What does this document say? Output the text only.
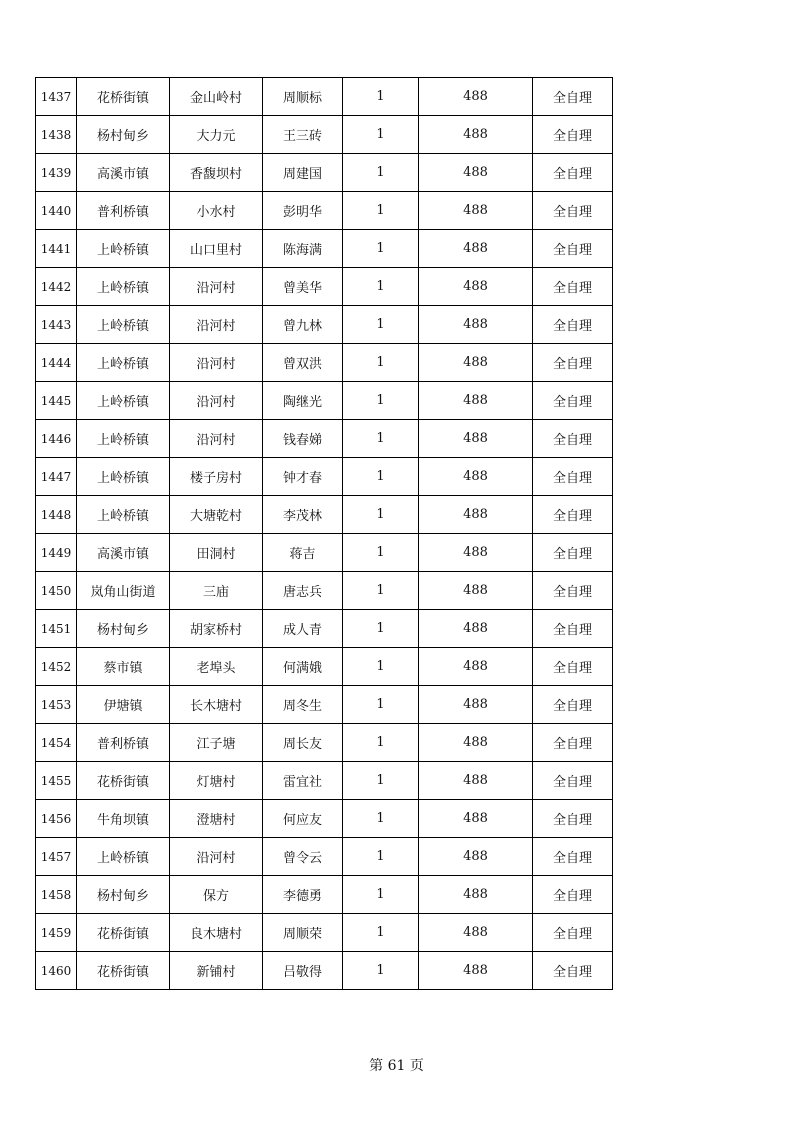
1437	花桥街镇	金山岭村	周顺标	1	488	全自理
1438	杨村甸乡	大力元	王三砖	1	488	全自理
1439	高溪市镇	香馥坝村	周建国	1	488	全自理
1440	普利桥镇	小水村	彭明华	1	488	全自理
1441	上岭桥镇	山口里村	陈海满	1	488	全自理
1442	上岭桥镇	沿河村	曾美华	1	488	全自理
1443	上岭桥镇	沿河村	曾九林	1	488	全自理
1444	上岭桥镇	沿河村	曾双洪	1	488	全自理
1445	上岭桥镇	沿河村	陶继光	1	488	全自理
1446	上岭桥镇	沿河村	钱春娣	1	488	全自理
1447	上岭桥镇	楼子房村	钟才春	1	488	全自理
1448	上岭桥镇	大塘乾村	李茂林	1	488	全自理
1449	高溪市镇	田洞村	蒋吉	1	488	全自理
1450	岚角山街道	三庙	唐志兵	1	488	全自理
1451	杨村甸乡	胡家桥村	成人青	1	488	全自理
1452	蔡市镇	老埠头	何满娥	1	488	全自理
1453	伊塘镇	长木塘村	周冬生	1	488	全自理
1454	普利桥镇	江子塘	周长友	1	488	全自理
1455	花桥街镇	灯塘村	雷宜社	1	488	全自理
1456	牛角坝镇	澄塘村	何应友	1	488	全自理
1457	上岭桥镇	沿河村	曾令云	1	488	全自理
1458	杨村甸乡	保方	李德勇	1	488	全自理
1459	花桥街镇	良木塘村	周顺荣	1	488	全自理
1460	花桥街镇	新铺村	吕敬得	1	488	全自理
第 61 页
